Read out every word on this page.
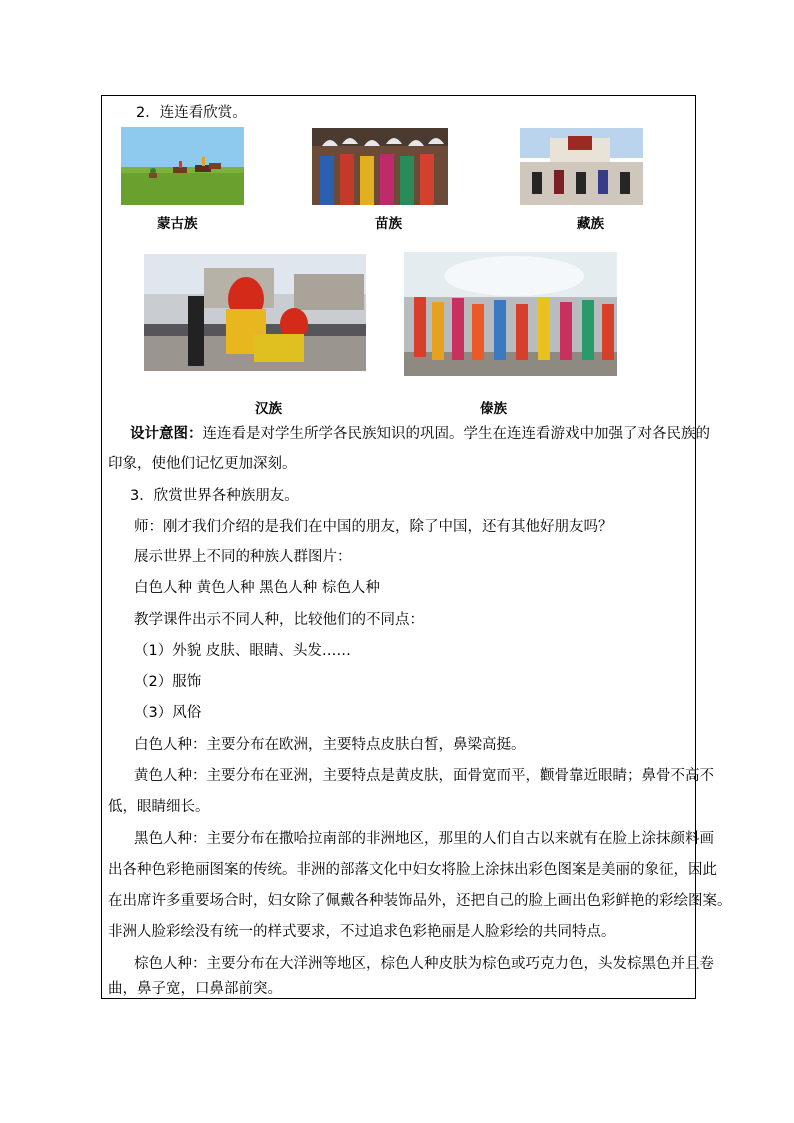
2．连连看欣赏。
蒙古族	苗族	藏族
汉族	傣族
设计意图：连连看是对学生所学各民族知识的巩固。学生在连连看游戏中加强了对各民族的
印象，使他们记忆更加深刻。
3．欣赏世界各种族朋友。
师：刚才我们介绍的是我们在中国的朋友，除了中国，还有其他好朋友吗？
展示世界上不同的种族人群图片：
白色人种 黄色人种 黑色人种 棕色人种
教学课件出示不同人种，比较他们的不同点：
（1）外貌 皮肤、眼睛、头发……
（2）服饰
（3）风俗
白色人种：主要分布在欧洲，主要特点皮肤白皙，鼻梁高挺。
黄色人种：主要分布在亚洲，主要特点是黄皮肤，面骨宽而平，颧骨靠近眼睛；鼻骨不高不
低，眼睛细长。
黑色人种：主要分布在撒哈拉南部的非洲地区，那里的人们自古以来就有在脸上涂抹颜料画
出各种色彩艳丽图案的传统。非洲的部落文化中妇女将脸上涂抹出彩色图案是美丽的象征，因此
在出席许多重要场合时，妇女除了佩戴各种装饰品外，还把自己的脸上画出色彩鲜艳的彩绘图案。
非洲人脸彩绘没有统一的样式要求，不过追求色彩艳丽是人脸彩绘的共同特点。
棕色人种：主要分布在大洋洲等地区，棕色人种皮肤为棕色或巧克力色，头发棕黑色并且卷
曲，鼻子宽，口鼻部前突。
